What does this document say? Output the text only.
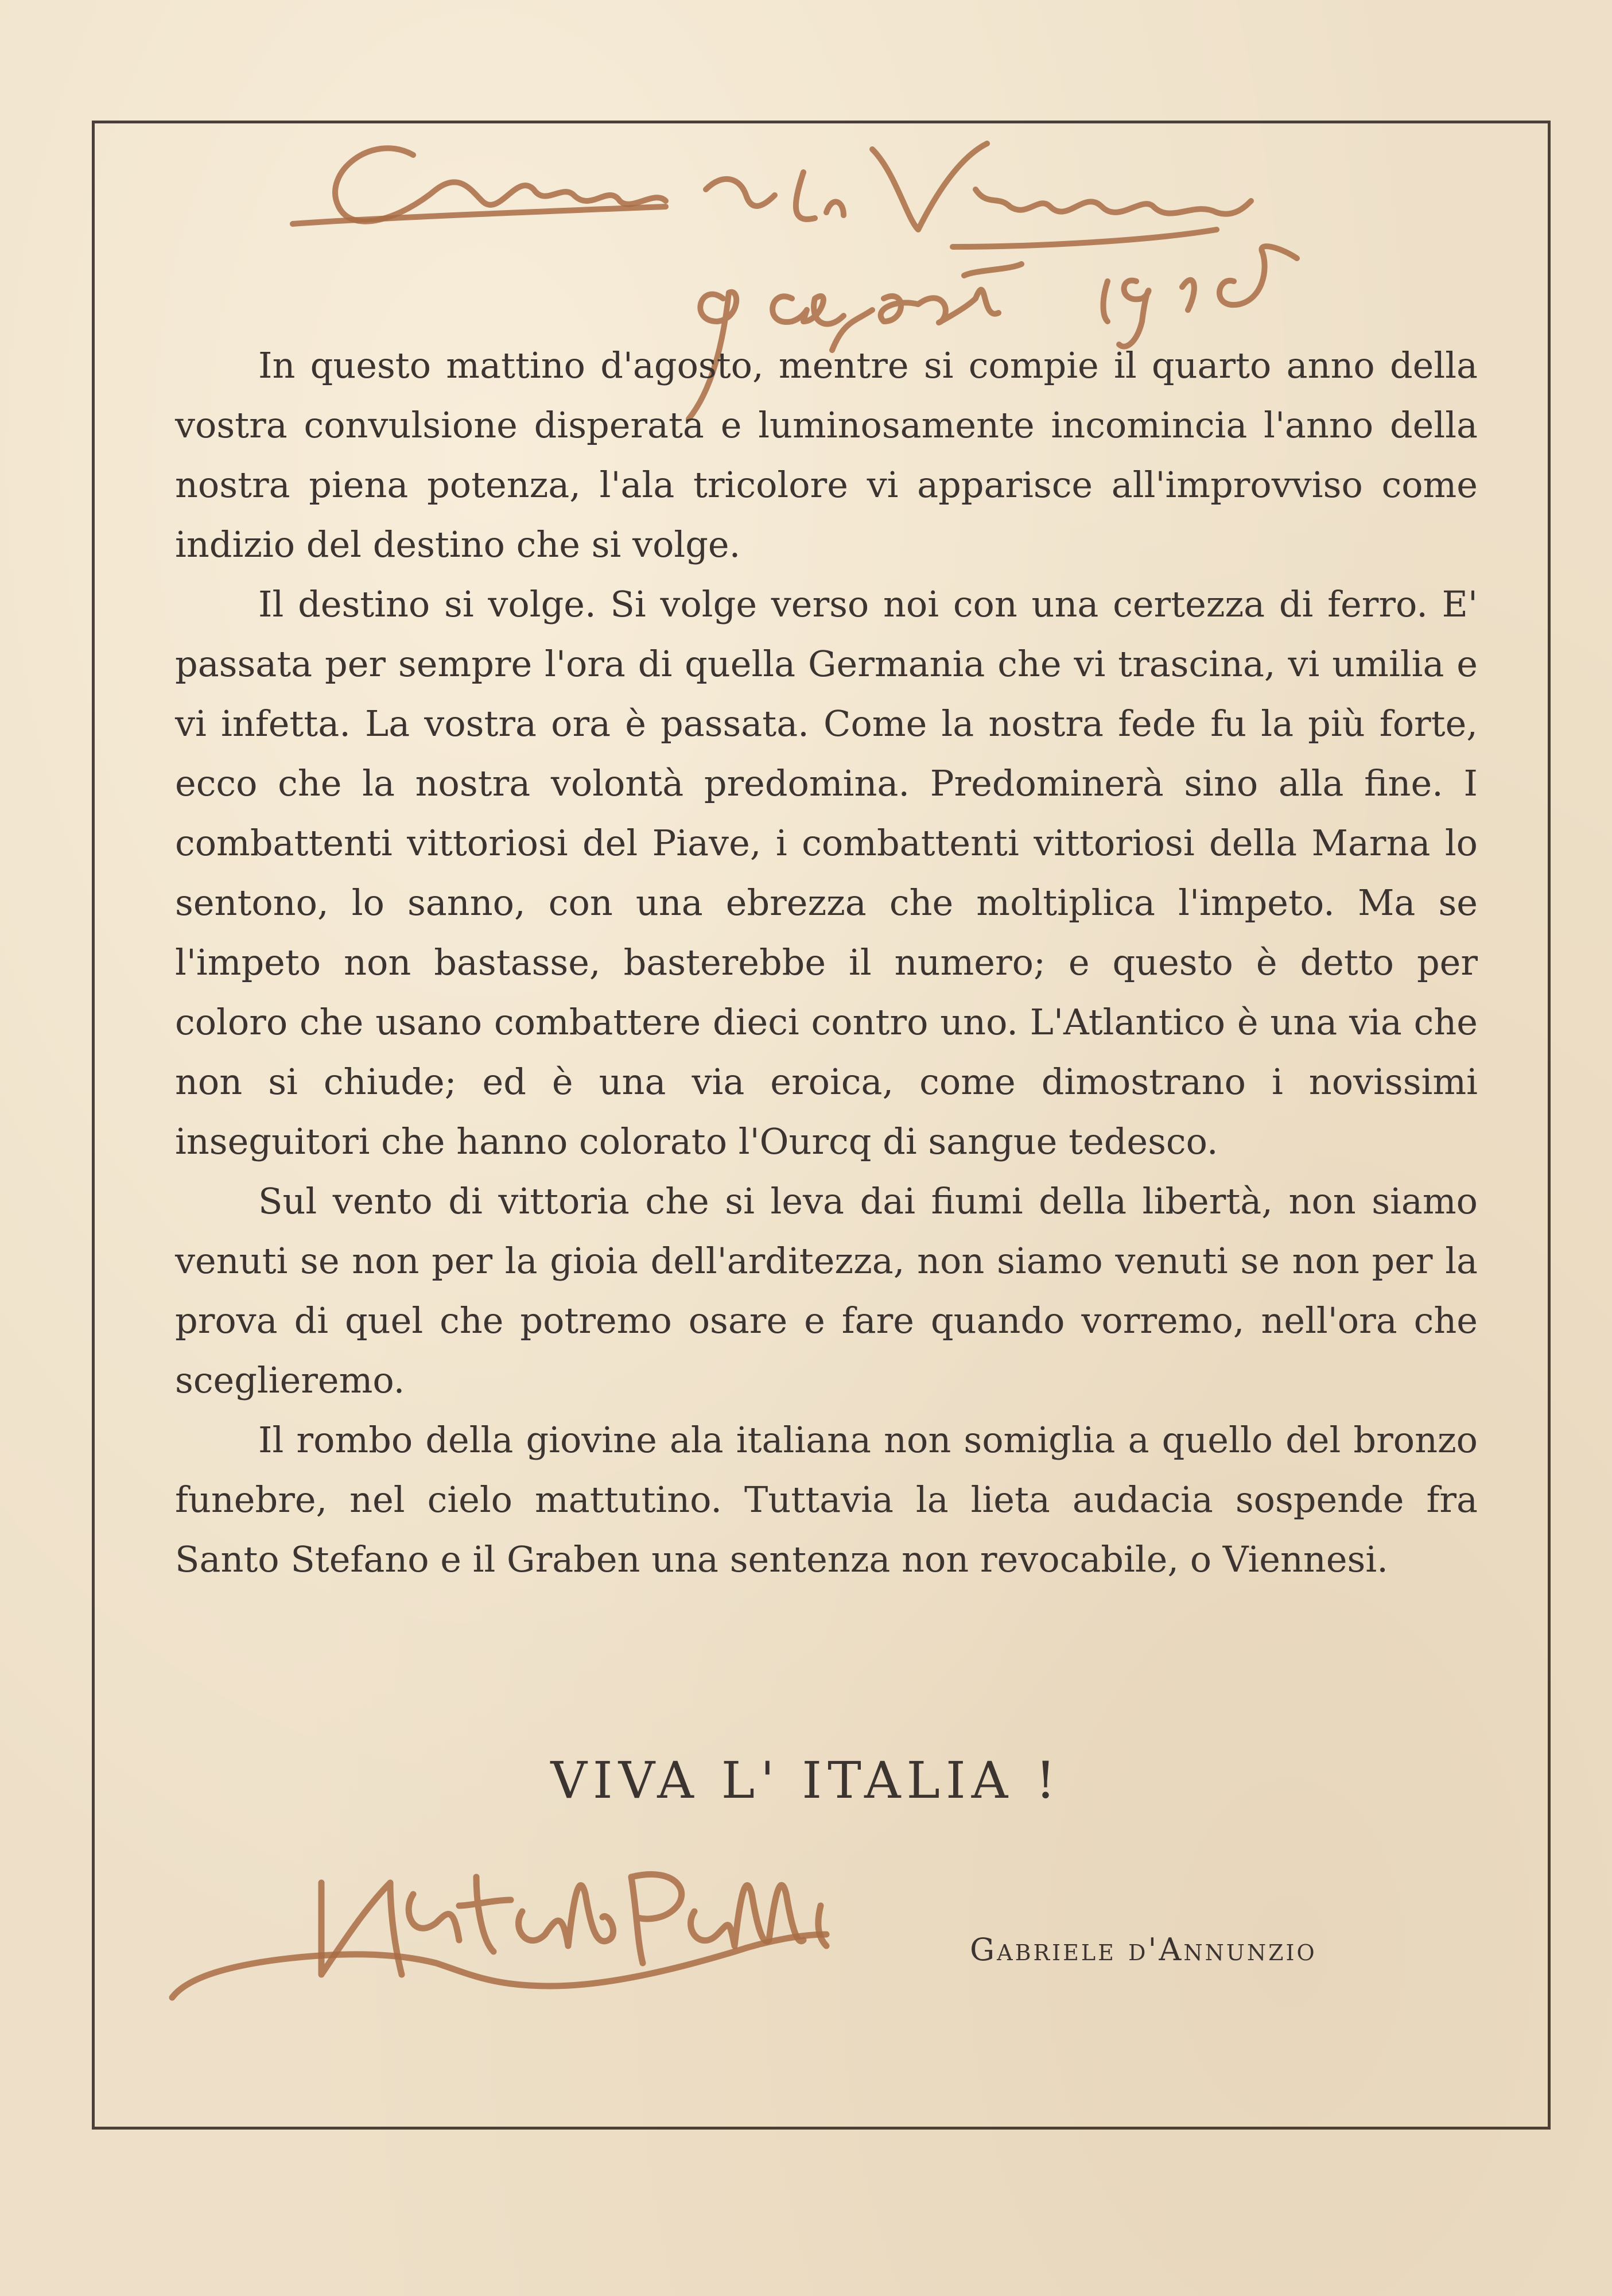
In questo mattino d'agosto, mentre si compie il quarto anno della vostra convulsione disperata e luminosamente incomincia l'anno della nostra piena potenza, l'ala tricolore vi apparisce all'improvviso come indizio del destino che si volge.

Il destino si volge. Si volge verso noi con una certezza di ferro. E' passata per sempre l'ora di quella Germania che vi trascina, vi umilia e vi infetta. La vostra ora è passata. Come la nostra fede fu la più forte, ecco che la nostra volontà predomina. Predominerà sino alla fine. I combattenti vittoriosi del Piave, i combattenti vittoriosi della Marna lo sentono, lo sanno, con una ebrezza che moltiplica l'impeto. Ma se l'impeto non bastasse, basterebbe il numero; e questo è detto per coloro che usano combattere dieci contro uno. L'Atlantico è una via che non si chiude; ed è una via eroica, come dimostrano i novissimi inseguitori che hanno colorato l'Ourcq di sangue tedesco.

Sul vento di vittoria che si leva dai fiumi della libertà, non siamo venuti se non per la gioia dell'arditezza, non siamo venuti se non per la prova di quel che potremo osare e fare quando vorremo, nell'ora che sceglieremo.

Il rombo della giovine ala italiana non somiglia a quello del bronzo funebre, nel cielo mattutino. Tuttavia la lieta audacia sospende fra Santo Stefano e il Graben una sentenza non revocabile, o Viennesi.

VIVA L' ITALIA !
Gabriele d'Annunzio
